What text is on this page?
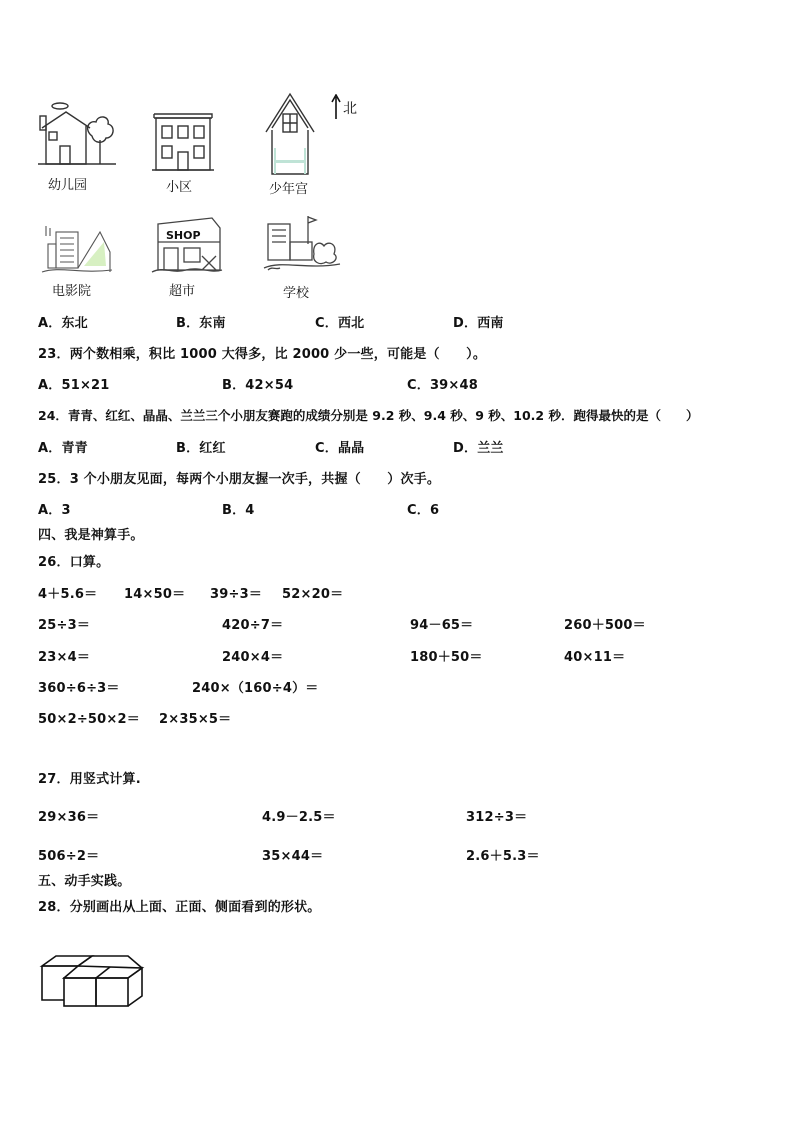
幼儿园	小区	少年宫
北
电影院
SHOP
超市	学校
A．东北	B．东南	C．西北	D．西南
23．两个数相乘，积比 1000 大得多，比 2000 少一些，可能是（　　）。
A．51×21	B．42×54	C．39×48
24．青青、红红、晶晶、兰兰三个小朋友赛跑的成绩分别是 9.2 秒、9.4 秒、9 秒、10.2 秒．跑得最快的是（　　）
A．青青	B．红红	C．晶晶	D．兰兰
25．3 个小朋友见面，每两个小朋友握一次手，共握（　　）次手。
A．3	B．4	C．6
四、我是神算手。
26．口算。
4＋5.6＝ 14×50＝ 39÷3＝ 52×20＝
25÷3＝	420÷7＝	94－65＝	260＋500＝
23×4＝	240×4＝	180＋50＝	40×11＝
360÷6÷3＝	240×（160÷4）＝
50×2÷50×2＝ 2×35×5＝
27．用竖式计算.
29×36＝	4.9－2.5＝	312÷3＝
506÷2＝	35×44＝	2.6＋5.3＝
五、动手实践。
28．分别画出从上面、正面、侧面看到的形状。
